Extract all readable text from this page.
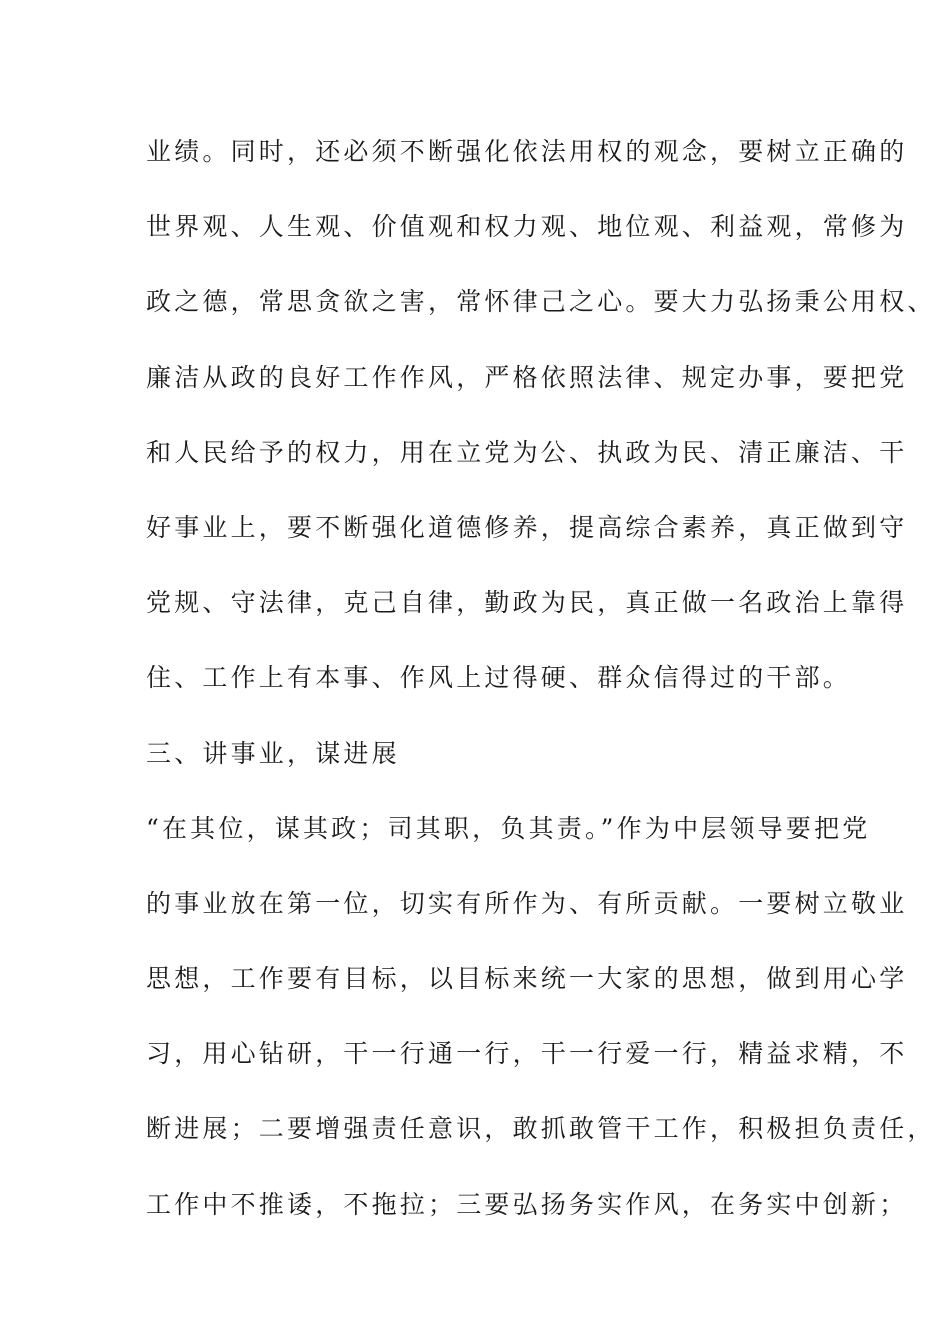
业绩。同时，还必须不断强化依法用权的观念，要树立正确的
世界观、人生观、价值观和权力观、地位观、利益观，常修为
政之德，常思贪欲之害，常怀律己之心。要大力弘扬秉公用权、
廉洁从政的良好工作作风，严格依照法律、规定办事，要把党
和人民给予的权力，用在立党为公、执政为民、清正廉洁、干
好事业上，要不断强化道德修养，提高综合素养，真正做到守
党规、守法律，克己自律，勤政为民，真正做一名政治上靠得
住、工作上有本事、作风上过得硬、群众信得过的干部。
三、讲事业，谋进展
“在其位，谋其政；司其职，负其责。”作为中层领导要把党
的事业放在第一位，切实有所作为、有所贡献。一要树立敬业
思想，工作要有目标，以目标来统一大家的思想，做到用心学
习，用心钻研，干一行通一行，干一行爱一行，精益求精，不
断进展；二要增强责任意识，敢抓敢管干工作，积极担负责任，
工作中不推诿，不拖拉；三要弘扬务实作风，在务实中创新；
